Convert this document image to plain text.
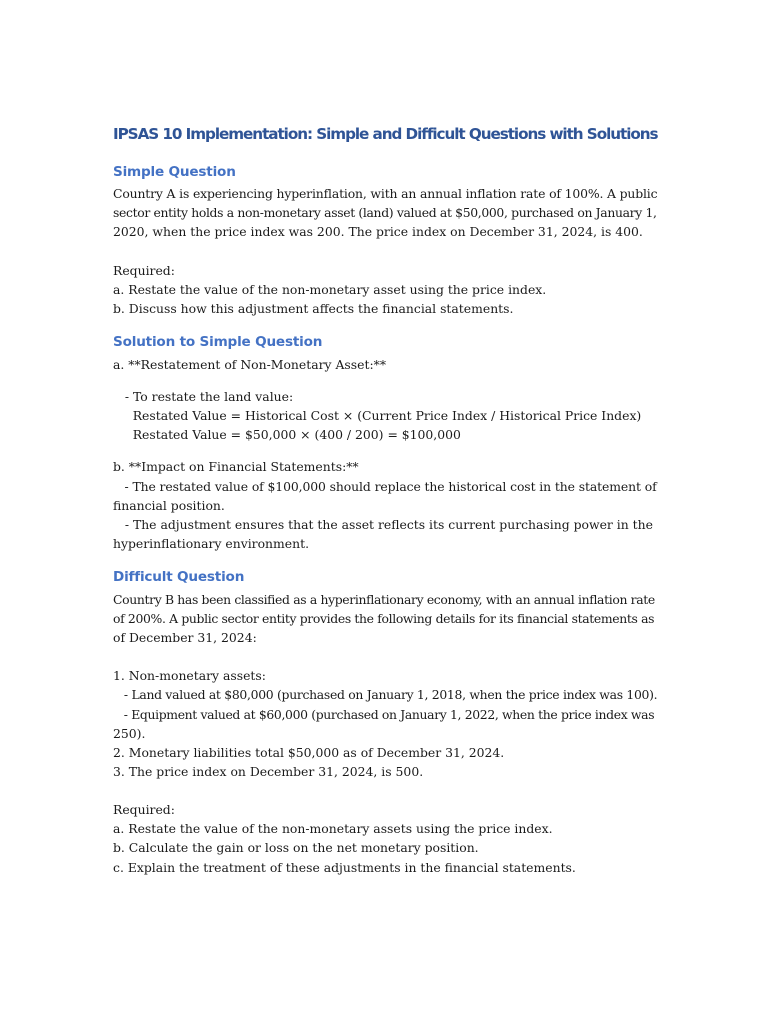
IPSAS 10 Implementation: Simple and Difficult Questions with Solutions
Simple Question

Country A is experiencing hyperinflation, with an annual inflation rate of 100%. A public

sector entity holds a non-monetary asset (land) valued at $50,000, purchased on January 1,

2020, when the price index was 200. The price index on December 31, 2024, is 400.

Required:

a. Restate the value of the non-monetary asset using the price index.

b. Discuss how this adjustment affects the financial statements.

Solution to Simple Question

a. **Restatement of Non-Monetary Asset:**

- To restate the land value:

Restated Value = Historical Cost × (Current Price Index / Historical Price Index)

Restated Value = $50,000 × (400 / 200) = $100,000

b. **Impact on Financial Statements:**

- The restated value of $100,000 should replace the historical cost in the statement of

financial position.

- The adjustment ensures that the asset reflects its current purchasing power in the

hyperinflationary environment.

Difficult Question

Country B has been classified as a hyperinflationary economy, with an annual inflation rate

of 200%. A public sector entity provides the following details for its financial statements as

of December 31, 2024:

1. Non-monetary assets:

- Land valued at $80,000 (purchased on January 1, 2018, when the price index was 100).

- Equipment valued at $60,000 (purchased on January 1, 2022, when the price index was

250).

2. Monetary liabilities total $50,000 as of December 31, 2024.

3. The price index on December 31, 2024, is 500.

Required:

a. Restate the value of the non-monetary assets using the price index.

b. Calculate the gain or loss on the net monetary position.

c. Explain the treatment of these adjustments in the financial statements.
